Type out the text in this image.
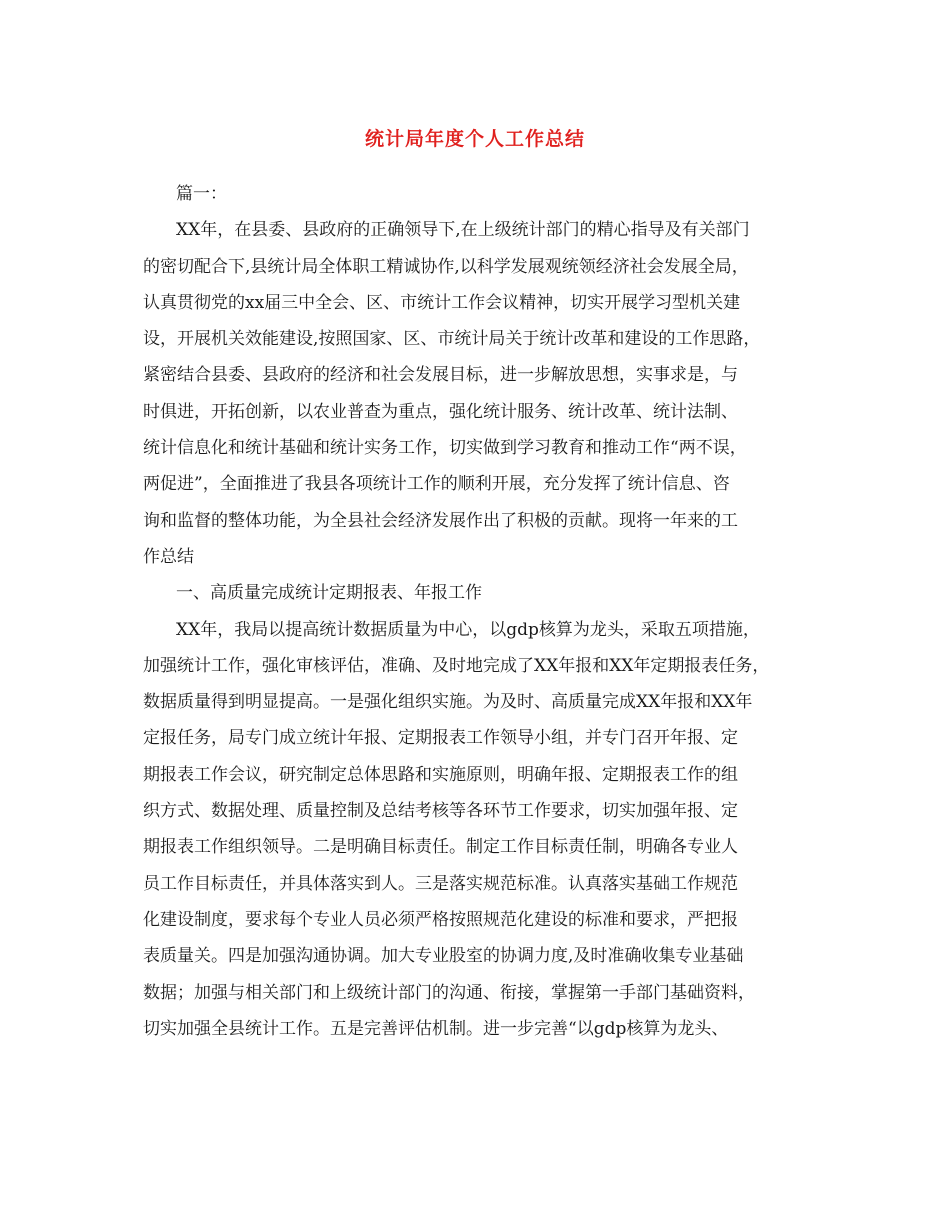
统计局年度个人工作总结
篇一：
XX年，在县委、县政府的正确领导下,在上级统计部门的精心指导及有关部门
的密切配合下,县统计局全体职工精诚协作,以科学发展观统领经济社会发展全局，
认真贯彻党的xx届三中全会、区、市统计工作会议精神，切实开展学习型机关建
设，开展机关效能建设,按照国家、区、市统计局关于统计改革和建设的工作思路，
紧密结合县委、县政府的经济和社会发展目标，进一步解放思想，实事求是，与
时俱进，开拓创新，以农业普查为重点，强化统计服务、统计改革、统计法制、
统计信息化和统计基础和统计实务工作，切实做到学习教育和推动工作“两不误，
两促进”，全面推进了我县各项统计工作的顺利开展，充分发挥了统计信息、咨
询和监督的整体功能，为全县社会经济发展作出了积极的贡献。现将一年来的工
作总结
一、高质量完成统计定期报表、年报工作
XX年，我局以提高统计数据质量为中心，以gdp核算为龙头，采取五项措施，
加强统计工作，强化审核评估，准确、及时地完成了XX年报和XX年定期报表任务，
数据质量得到明显提高。一是强化组织实施。为及时、高质量完成XX年报和XX年
定报任务，局专门成立统计年报、定期报表工作领导小组，并专门召开年报、定
期报表工作会议，研究制定总体思路和实施原则，明确年报、定期报表工作的组
织方式、数据处理、质量控制及总结考核等各环节工作要求，切实加强年报、定
期报表工作组织领导。二是明确目标责任。制定工作目标责任制，明确各专业人
员工作目标责任，并具体落实到人。三是落实规范标准。认真落实基础工作规范
化建设制度，要求每个专业人员必须严格按照规范化建设的标准和要求，严把报
表质量关。四是加强沟通协调。加大专业股室的协调力度,及时准确收集专业基础
数据；加强与相关部门和上级统计部门的沟通、衔接，掌握第一手部门基础资料，
切实加强全县统计工作。五是完善评估机制。进一步完善“以gdp核算为龙头、
